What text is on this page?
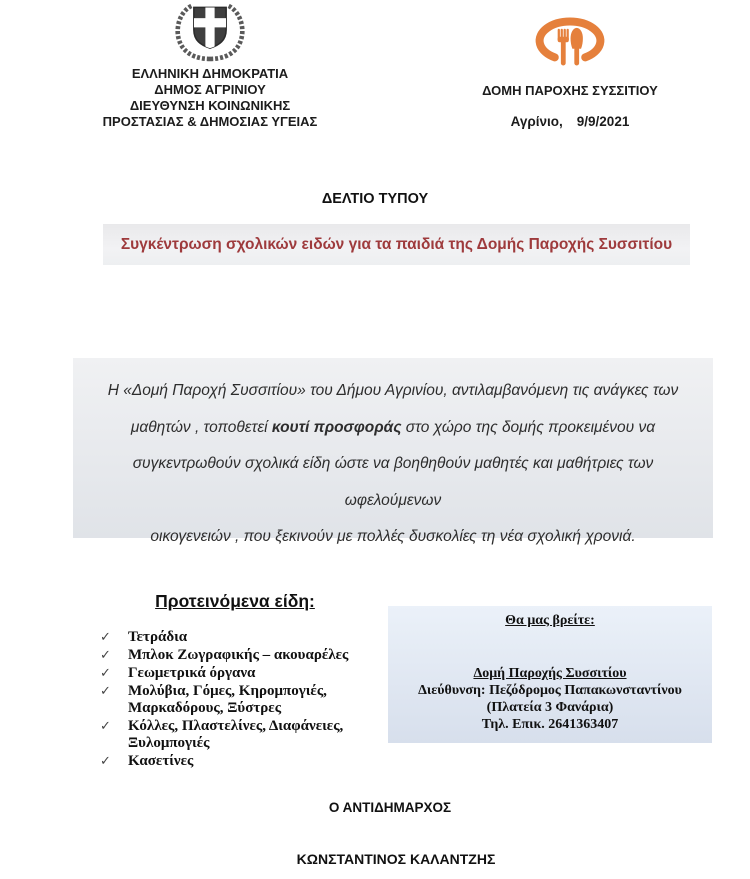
ΕΛΛΗΝΙΚΗ ΔΗΜΟΚΡΑΤΙΑ
ΔΗΜΟΣ ΑΓΡΙΝΙΟΥ
ΔΙΕΥΘΥΝΣΗ ΚΟΙΝΩΝΙΚΗΣ
ΠΡΟΣΤΑΣΙΑΣ & ΔΗΜΟΣΙΑΣ ΥΓΕΙΑΣ
ΔΟΜΗ ΠΑΡΟΧΗΣ ΣΥΣΣΙΤΙΟΥ
Αγρίνιο, 9/9/2021
ΔΕΛΤΙΟ ΤΥΠΟΥ
Συγκέντρωση σχολικών ειδών για τα παιδιά της Δομής Παροχής Συσσιτίου
Η «Δομή Παροχή Συσσιτίου» του Δήμου Αγρινίου, αντιλαμβανόμενη τις ανάγκες των
μαθητών , τοποθετεί κουτί προσφοράς στο χώρο της δομής προκειμένου να
συγκεντρωθούν σχολικά είδη ώστε να βοηθηθούν μαθητές και μαθήτριες των ωφελούμενων
οικογενειών , που ξεκινούν με πολλές δυσκολίες τη νέα σχολική χρονιά.
Προτεινόμενα είδη:
✓	Τετράδια
✓	Μπλοκ Ζωγραφικής – ακουαρέλες
✓	Γεωμετρικά όργανα
✓	Μολύβια, Γόμες, Κηρομπογιές, Μαρκαδόρους, Ξύστρες
✓	Κόλλες, Πλαστελίνες, Διαφάνειες, Ξυλομπογιές
✓	Κασετίνες
Θα μας βρείτε:
Δομή Παροχής Συσσιτίου
Διεύθυνση: Πεζόδρομος Παπακωνσταντίνου
(Πλατεία 3 Φανάρια)
Τηλ. Επικ. 2641363407
Ο ΑΝΤΙΔΗΜΑΡΧΟΣ
ΚΩΝΣΤΑΝΤΙΝΟΣ ΚΑΛΑΝΤΖΗΣ
